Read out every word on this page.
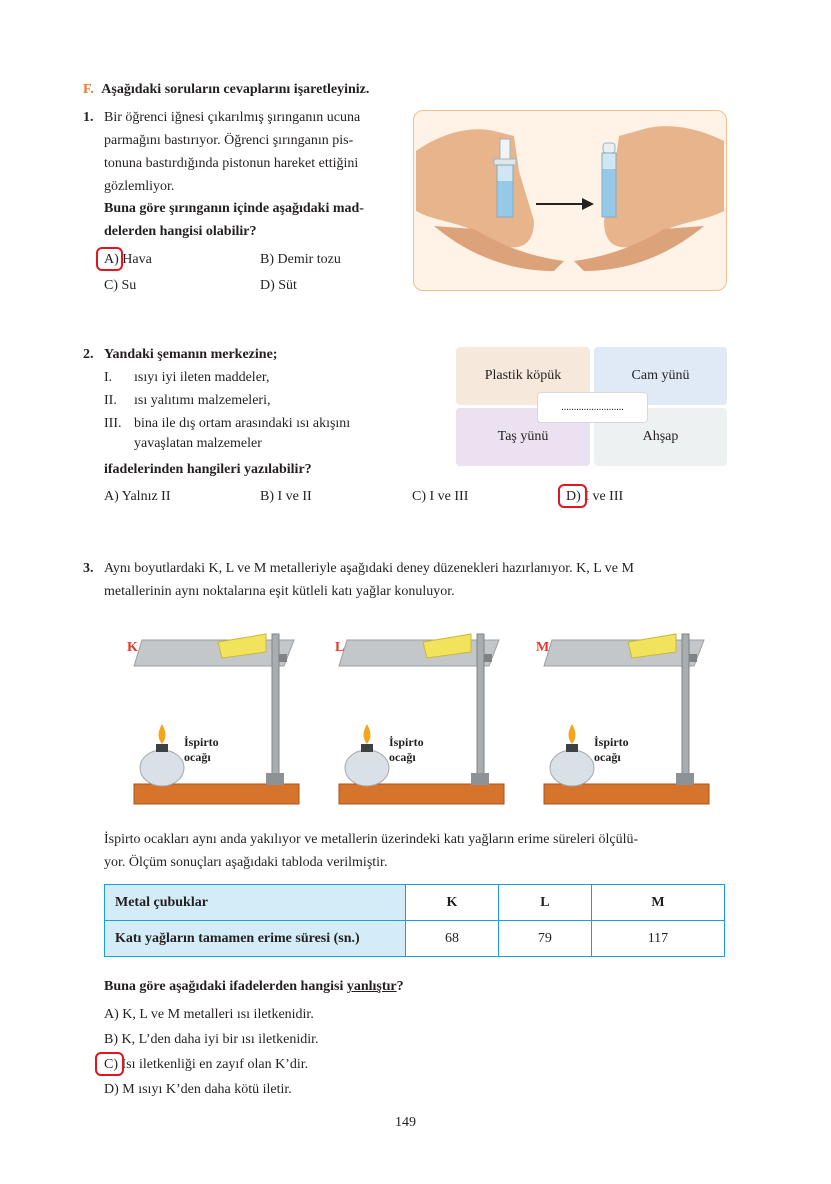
F. Aşağıdaki soruların cevaplarını işaretleyiniz.
1. Bir öğrenci iğnesi çıkarılmış şırınganın ucuna
parmağını bastırıyor. Öğrenci şırınganın pis-
tonuna bastırdığında pistonun hareket ettiğini
gözlemliyor.
Buna göre şırınganın içinde aşağıdaki mad-
delerden hangisi olabilir?
A) Hava	B) Demir tozu
C) Su	D) Süt
2. Yandaki şemanın merkezine;
I. ısıyı iyi ileten maddeler,
II. ısı yalıtımı malzemeleri,
III. bina ile dış ortam arasındaki ısı akışını
yavaşlatan malzemeler
ifadelerinden hangileri yazılabilir?
A) Yalnız II	B) I ve II	C) I ve III	D) I ve III
Plastik köpük	Cam yünü
Taş yünü	Ahşap
.........................
3. Aynı boyutlardaki K, L ve M metalleriyle aşağıdaki deney düzenekleri hazırlanıyor. K, L ve M
metallerinin aynı noktalarına eşit kütleli katı yağlar konuluyor.
K
İspirto
ocağı
L
İspirto
ocağı
M
İspirto
ocağı
İspirto ocakları aynı anda yakılıyor ve metallerin üzerindeki katı yağların erime süreleri ölçülü-
yor. Ölçüm sonuçları aşağıdaki tabloda verilmiştir.
Metal çubuklar	K	L	M
Katı yağların tamamen erime süresi (sn.)	68	79	117
Buna göre aşağıdaki ifadelerden hangisi yanlıştır?
A) K, L ve M metalleri ısı iletkenidir.
B) K, L’den daha iyi bir ısı iletkenidir.
C) Isı iletkenliği en zayıf olan K’dir.
D) M ısıyı K’den daha kötü iletir.
149
